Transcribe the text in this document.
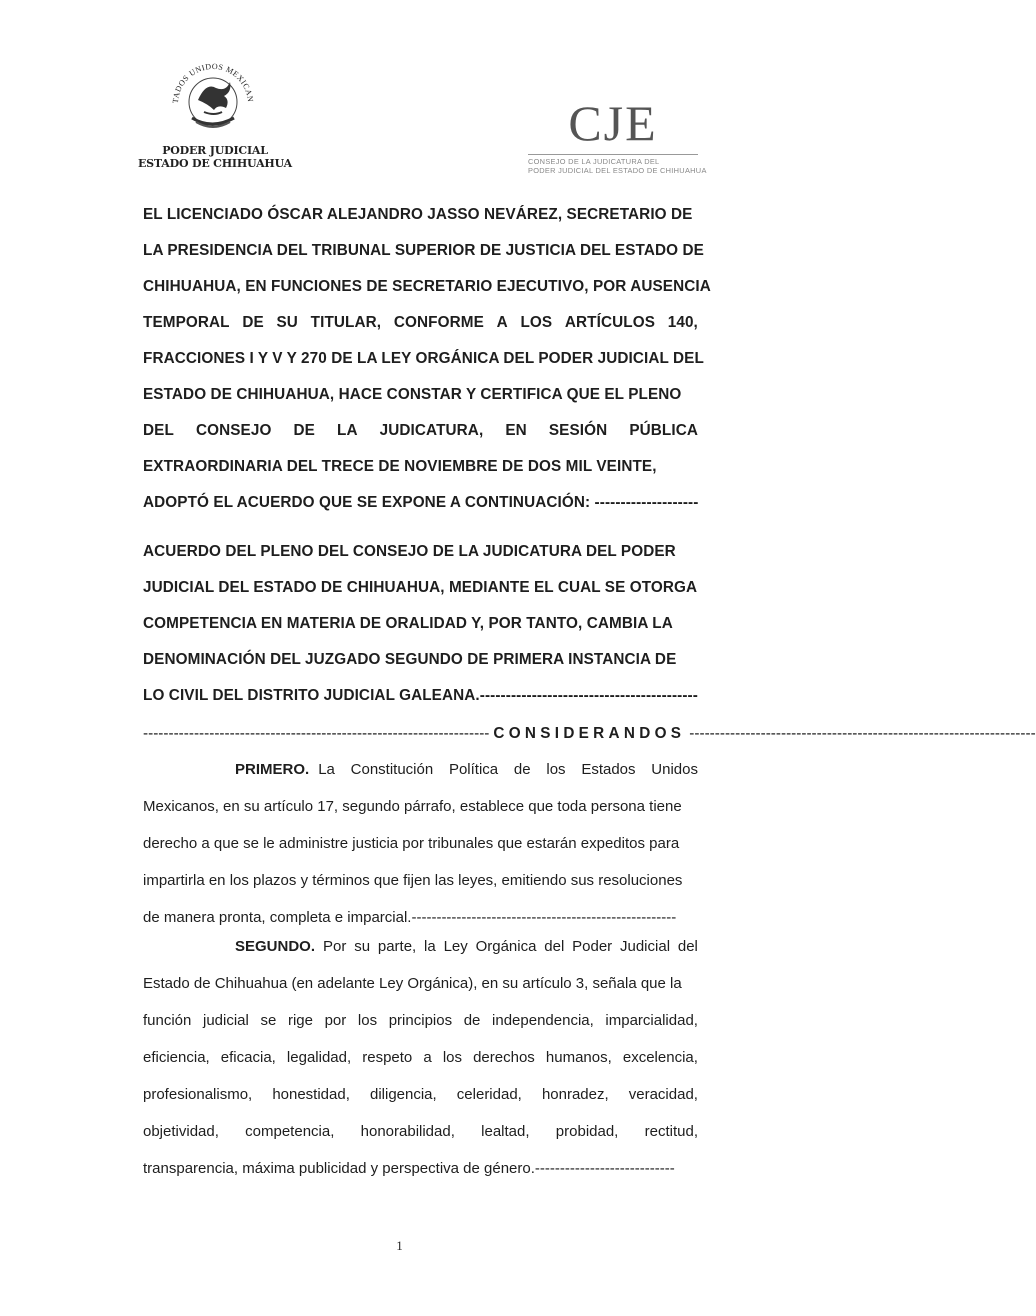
TADOS UNIDOS MEXICAN
PODER JUDICIAL
ESTADO DE CHIHUAHUA
CJE
CONSEJO DE LA JUDICATURA DEL
PODER JUDICIAL DEL ESTADO DE CHIHUAHUA
EL LICENCIADO ÓSCAR ALEJANDRO JASSO NEVÁREZ, SECRETARIO DE
LA PRESIDENCIA DEL TRIBUNAL SUPERIOR DE JUSTICIA DEL ESTADO DE
CHIHUAHUA, EN FUNCIONES DE SECRETARIO EJECUTIVO, POR AUSENCIA
TEMPORAL DE SU TITULAR, CONFORME A LOS ARTÍCULOS 140,
FRACCIONES I Y V Y 270 DE LA LEY ORGÁNICA DEL PODER JUDICIAL DEL
ESTADO DE CHIHUAHUA, HACE CONSTAR Y CERTIFICA QUE EL PLENO
DEL CONSEJO DE LA JUDICATURA, EN SESIÓN PÚBLICA
EXTRAORDINARIA DEL TRECE DE NOVIEMBRE DE DOS MIL VEINTE,
ADOPTÓ EL ACUERDO QUE SE EXPONE A CONTINUACIÓN: --------------------
ACUERDO DEL PLENO DEL CONSEJO DE LA JUDICATURA DEL PODER
JUDICIAL DEL ESTADO DE CHIHUAHUA, MEDIANTE EL CUAL SE OTORGA
COMPETENCIA EN MATERIA DE ORALIDAD Y, POR TANTO, CAMBIA LA
DENOMINACIÓN DEL JUZGADO SEGUNDO DE PRIMERA INSTANCIA DE
LO CIVIL DEL DISTRITO JUDICIAL GALEANA.------------------------------------------
-------------------------------------------------------------------- CONSIDERANDOS --------------------------------------------------------------------
PRIMERO. La Constitución Política de los Estados Unidos
Mexicanos, en su artículo 17, segundo párrafo, establece que toda persona tiene
derecho a que se le administre justicia por tribunales que estarán expeditos para
impartirla en los plazos y términos que fijen las leyes, emitiendo sus resoluciones
de manera pronta, completa e imparcial.-----------------------------------------------------
SEGUNDO. Por su parte, la Ley Orgánica del Poder Judicial del
Estado de Chihuahua (en adelante Ley Orgánica), en su artículo 3, señala que la
función judicial se rige por los principios de independencia, imparcialidad,
eficiencia, eficacia, legalidad, respeto a los derechos humanos, excelencia,
profesionalismo, honestidad, diligencia, celeridad, honradez, veracidad,
objetividad, competencia, honorabilidad, lealtad, probidad, rectitud,
transparencia, máxima publicidad y perspectiva de género.----------------------------
1
